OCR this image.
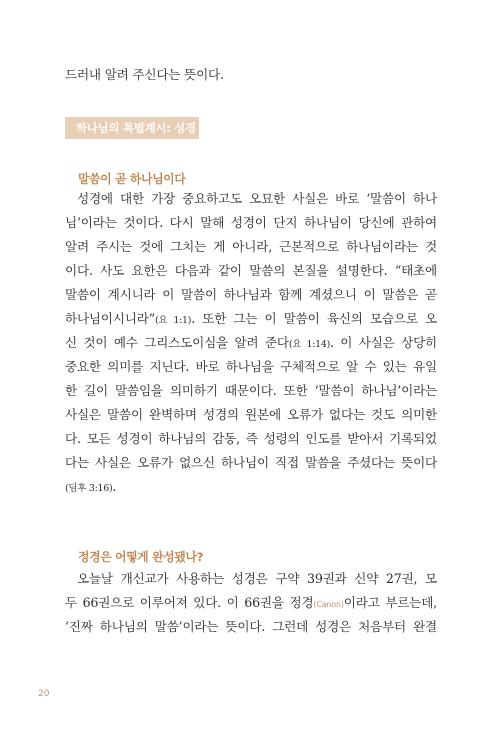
드러내 알려 주신다는 뜻이다.
하나님의 특별계시: 성경
말씀이 곧 하나님이다
성경에 대한 가장 중요하고도 오묘한 사실은 바로 ‘말씀이 하나
님’이라는 것이다. 다시 말해 성경이 단지 하나님이 당신에 관하여
알려 주시는 것에 그치는 게 아니라, 근본적으로 하나님이라는 것
이다. 사도 요한은 다음과 같이 말씀의 본질을 설명한다. “태초에
말씀이 계시니라 이 말씀이 하나님과 함께 계셨으니 이 말씀은 곧
하나님이시니라”(요 1:1). 또한 그는 이 말씀이 육신의 모습으로 오
신 것이 예수 그리스도이심을 알려 준다(요 1:14). 이 사실은 상당히
중요한 의미를 지닌다. 바로 하나님을 구체적으로 알 수 있는 유일
한 길이 말씀임을 의미하기 때문이다. 또한 ‘말씀이 하나님’이라는
사실은 말씀이 완벽하며 성경의 원본에 오류가 없다는 것도 의미한
다. 모든 성경이 하나님의 감동, 즉 성령의 인도를 받아서 기록되었
다는 사실은 오류가 없으신 하나님이 직접 말씀을 주셨다는 뜻이다
(딤후 3:16).
정경은 어떻게 완성됐나?
오늘날 개신교가 사용하는 성경은 구약 39권과 신약 27권, 모
두 66권으로 이루어져 있다. 이 66권을 정경(Canon)이라고 부르는데,
‘진짜 하나님의 말씀’이라는 뜻이다. 그런데 성경은 처음부터 완결
20
